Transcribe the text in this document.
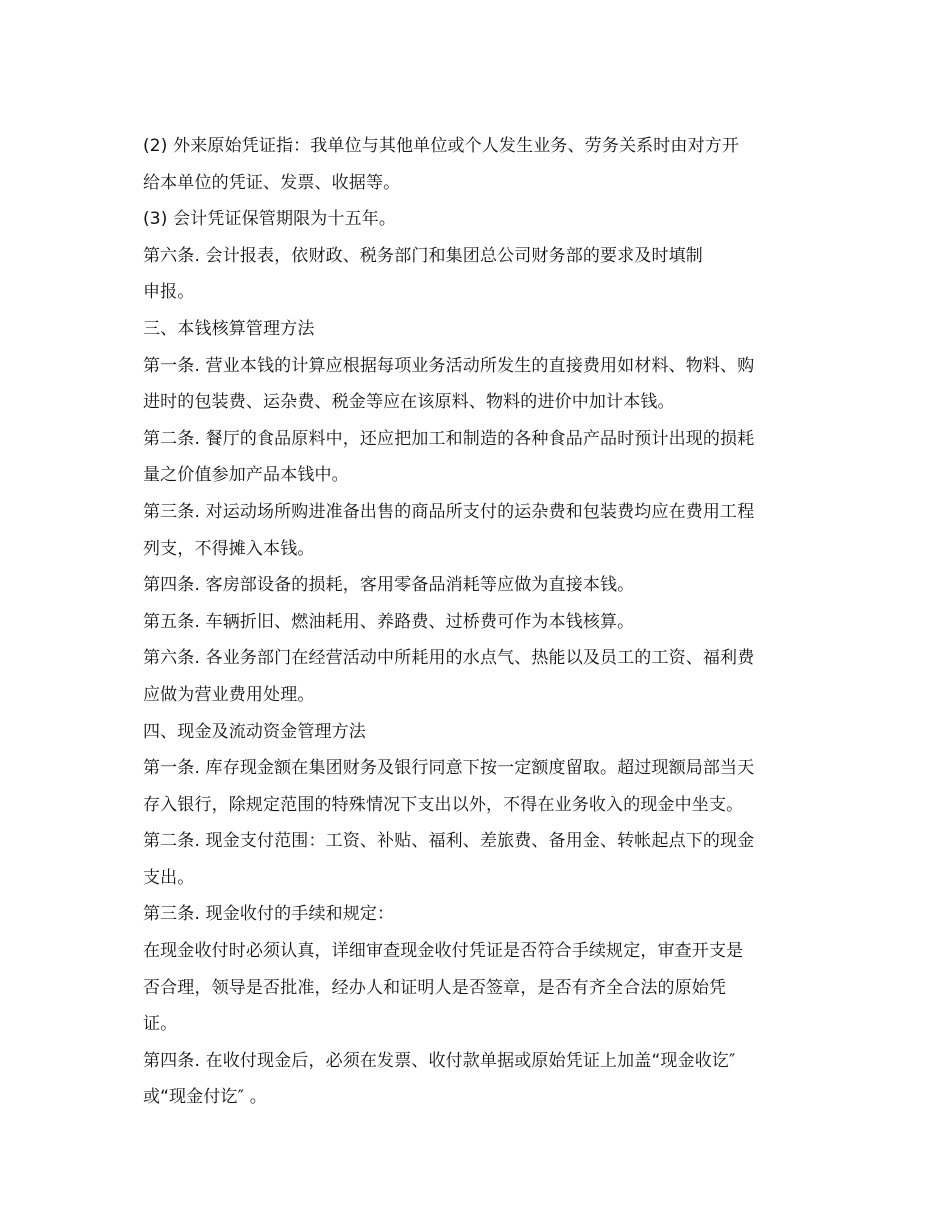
(2) 外来原始凭证指：我单位与其他单位或个人发生业务、劳务关系时由对方开
给本单位的凭证、发票、收据等。
(3) 会计凭证保管期限为十五年。
第六条. 会计报表，依财政、税务部门和集团总公司财务部的要求及时填制
申报。
三、本钱核算管理方法
第一条. 营业本钱的计算应根据每项业务活动所发生的直接费用如材料、物料、购
进时的包装费、运杂费、税金等应在该原料、物料的进价中加计本钱。
第二条. 餐厅的食品原料中，还应把加工和制造的各种食品产品时预计出现的损耗
量之价值参加产品本钱中。
第三条. 对运动场所购进准备出售的商品所支付的运杂费和包装费均应在费用工程
列支，不得摊入本钱。
第四条. 客房部设备的损耗，客用零备品消耗等应做为直接本钱。
第五条. 车辆折旧、燃油耗用、养路费、过桥费可作为本钱核算。
第六条. 各业务部门在经营活动中所耗用的水点气、热能以及员工的工资、福利费
应做为营业费用处理。
四、现金及流动资金管理方法
第一条. 库存现金额在集团财务及银行同意下按一定额度留取。超过现额局部当天
存入银行，除规定范围的特殊情况下支出以外，不得在业务收入的现金中坐支。
第二条. 现金支付范围：工资、补贴、福利、差旅费、备用金、转帐起点下的现金
支出。
第三条. 现金收付的手续和规定：
在现金收付时必须认真，详细审查现金收付凭证是否符合手续规定，审查开支是
否合理，领导是否批准，经办人和证明人是否签章，是否有齐全合法的原始凭
证。
第四条. 在收付现金后，必须在发票、收付款单据或原始凭证上加盖“现金收讫″
或“现金付讫″ 。
